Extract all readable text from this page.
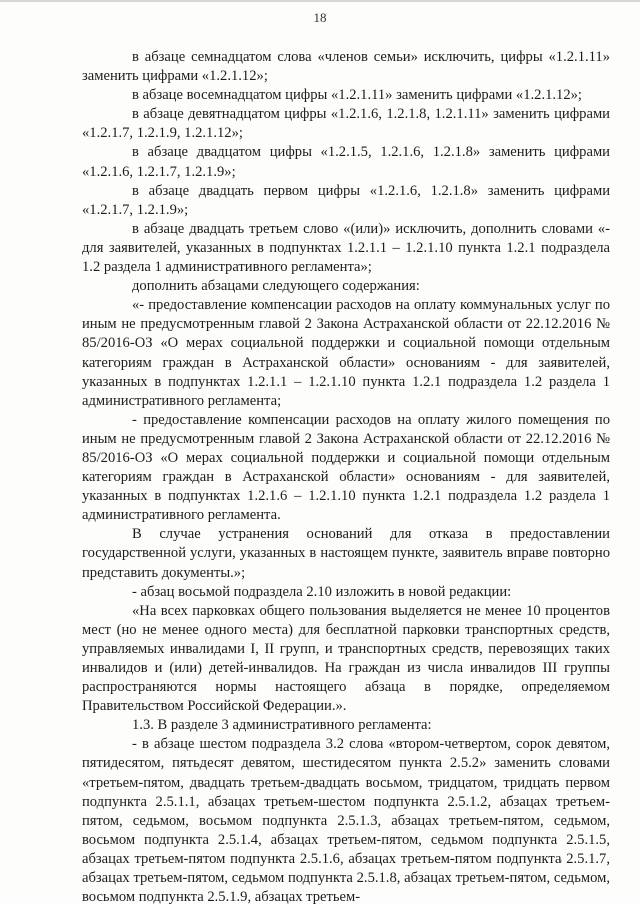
18

в абзаце семнадцатом слова «членов семьи» исключить, цифры «1.2.1.11» заменить цифрами «1.2.1.12»;

в абзаце восемнадцатом цифры «1.2.1.11» заменить цифрами «1.2.1.12»;

в абзаце девятнадцатом цифры «1.2.1.6, 1.2.1.8, 1.2.1.11» заменить цифрами «1.2.1.7, 1.2.1.9, 1.2.1.12»;

в абзаце двадцатом цифры «1.2.1.5, 1.2.1.6, 1.2.1.8» заменить цифрами «1.2.1.6, 1.2.1.7, 1.2.1.9»;

в абзаце двадцать первом цифры «1.2.1.6, 1.2.1.8» заменить цифрами «1.2.1.7, 1.2.1.9»;

в абзаце двадцать третьем слово «(или)» исключить, дополнить словами «- для заявителей, указанных в подпунктах 1.2.1.1 – 1.2.1.10 пункта 1.2.1 подраздела 1.2 раздела 1 административного регламента»;

дополнить абзацами следующего содержания:

«- предоставление компенсации расходов на оплату коммунальных услуг по иным не предусмотренным главой 2 Закона Астраханской области от 22.12.2016 № 85/2016-ОЗ «О мерах социальной поддержки и социальной помощи отдельным категориям граждан в Астраханской области» основаниям - для заявителей, указанных в подпунктах 1.2.1.1 – 1.2.1.10 пункта 1.2.1 подраздела 1.2 раздела 1 административного регламента;

- предоставление компенсации расходов на оплату жилого помещения по иным не предусмотренным главой 2 Закона Астраханской области от 22.12.2016 № 85/2016-ОЗ «О мерах социальной поддержки и социальной помощи отдельным категориям граждан в Астраханской области» основаниям - для заявителей, указанных в подпунктах 1.2.1.6 – 1.2.1.10 пункта 1.2.1 подраздела 1.2 раздела 1 административного регламента.

В случае устранения оснований для отказа в предоставлении государственной услуги, указанных в настоящем пункте, заявитель вправе повторно представить документы.»;

- абзац восьмой подраздела 2.10 изложить в новой редакции:

«На всех парковках общего пользования выделяется не менее 10 процентов мест (но не менее одного места) для бесплатной парковки транспортных средств, управляемых инвалидами I, II групп, и транспортных средств, перевозящих таких инвалидов и (или) детей-инвалидов. На граждан из числа инвалидов III группы распространяются нормы настоящего абзаца в порядке, определяемом Правительством Российской Федерации.».

1.3. В разделе 3 административного регламента:

- в абзаце шестом подраздела 3.2 слова «втором-четвертом, сорок девятом, пятидесятом, пятьдесят девятом, шестидесятом пункта 2.5.2» заменить словами «третьем-пятом, двадцать третьем-двадцать восьмом, тридцатом, тридцать первом подпункта 2.5.1.1, абзацах третьем-шестом подпункта 2.5.1.2, абзацах третьем-пятом, седьмом, восьмом подпункта 2.5.1.3, абзацах третьем-пятом, седьмом, восьмом подпункта 2.5.1.4, абзацах третьем-пятом, седьмом подпункта 2.5.1.5, абзацах третьем-пятом подпункта 2.5.1.6, абзацах третьем-пятом подпункта 2.5.1.7, абзацах третьем-пятом, седьмом подпункта 2.5.1.8, абзацах третьем-пятом, седьмом, восьмом подпункта 2.5.1.9, абзацах третьем-
